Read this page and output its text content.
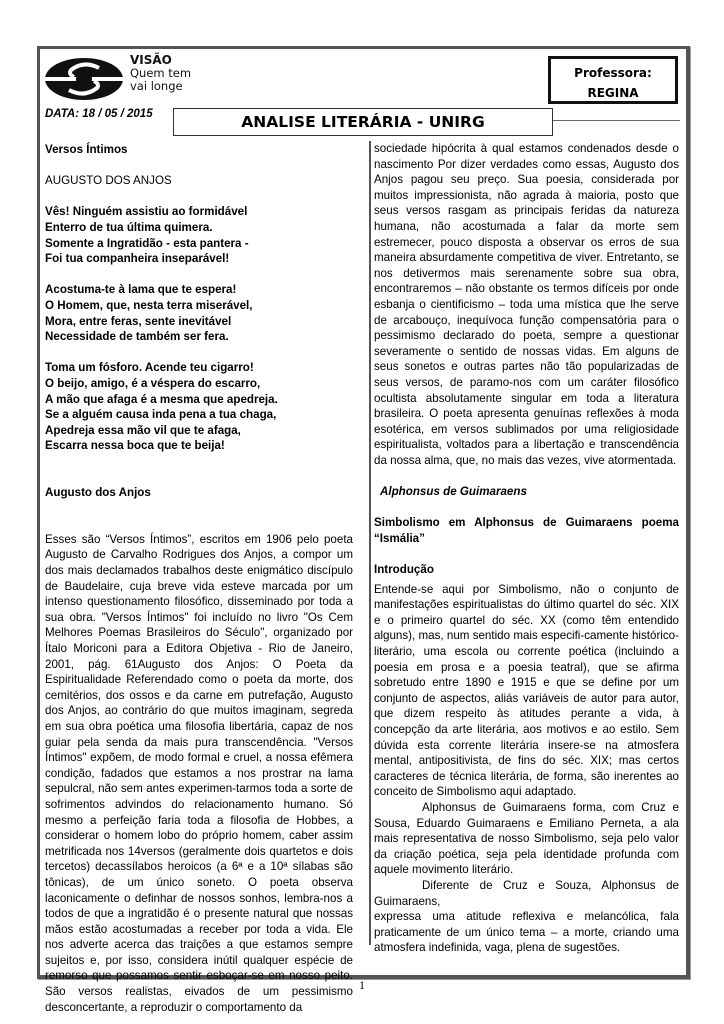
VISÃO
Quem tem
vai longe
Professora:
REGINA
DATA: 18 / 05 / 2015	ANALISE LITERÁRIA - UNIRG

Versos Íntimos

AUGUSTO DOS ANJOS

Vês! Ninguém assistiu ao formidável

Enterro de tua última quimera.

Somente a Ingratidão - esta pantera -

Foi tua companheira inseparável!

Acostuma-te à lama que te espera!

O Homem, que, nesta terra miserável,

Mora, entre feras, sente inevitável

Necessidade de também ser fera.

Toma um fósforo. Acende teu cigarro!

O beijo, amigo, é a véspera do escarro,

A mão que afaga é a mesma que apedreja.

Se a alguém causa inda pena a tua chaga,

Apedreja essa mão vil que te afaga,

Escarra nessa boca que te beija!

Augusto dos Anjos

Esses são “Versos Íntimos”, escritos em 1906 pelo poeta Augusto de Carvalho Rodrigues dos Anjos, a compor um dos mais declamados trabalhos deste enigmático discípulo de Baudelaire, cuja breve vida esteve marcada por um intenso questionamento filosófico, disseminado por toda a sua obra. "Versos Íntimos" foi incluído no livro "Os Cem Melhores Poemas Brasileiros do Século", organizado por Ítalo Moriconi para a Editora Objetiva - Rio de Janeiro, 2001, pág. 61Augusto dos Anjos: O Poeta da Espiritualidade Referendado como o poeta da morte, dos cemitérios, dos ossos e da carne em putrefação, Augusto dos Anjos, ao contrário do que muitos imaginam, segreda em sua obra poética uma filosofia libertária, capaz de nos guiar pela senda da mais pura transcendência. "Versos Íntimos" expõem, de modo formal e cruel, a nossa efêmera condição, fadados que estamos a nos prostrar na lama sepulcral, não sem antes experimen-tarmos toda a sorte de sofrimentos advindos do relacionamento humano. Só mesmo a perfeição faria toda a filosofia de Hobbes, a considerar o homem lobo do próprio homem, caber assim metrificada nos 14versos (geralmente dois quartetos e dois tercetos) decassílabos heroicos (a 6ª e a 10ª sílabas são tônicas), de um único soneto. O poeta observa laconicamente o definhar de nossos sonhos, lembra-nos a todos de que a ingratidão é o presente natural que nossas mãos estão acostumadas a receber por toda a vida. Ele nos adverte acerca das traições a que estamos sempre sujeitos e, por isso, considera inútil qualquer espécie de remorso que possamos sentir esboçar-se em nosso peito. São versos realistas, eivados de um pessimismo desconcertante, a reproduzir o comportamento da

sociedade hipócrita à qual estamos condenados desde o nascimento Por dizer verdades como essas, Augusto dos Anjos pagou seu preço. Sua poesia, considerada por muitos impressionista, não agrada à maioria, posto que seus versos rasgam as principais feridas da natureza humana, não acostumada a falar da morte sem estremecer, pouco disposta a observar os erros de sua maneira absurdamente competitiva de viver. Entretanto, se nos detivermos mais serenamente sobre sua obra, encontraremos – não obstante os termos difíceis por onde esbanja o cientificismo – toda uma mística que lhe serve de arcabouço, inequívoca função compensatória para o pessimismo declarado do poeta, sempre a questionar severamente o sentido de nossas vidas. Em alguns de seus sonetos e outras partes não tão popularizadas de seus versos, de paramo-nos com um caráter filosófico ocultista absolutamente singular em toda a literatura brasileira. O poeta apresenta genuínas reflexões à moda esotérica, em versos sublimados por uma religiosidade espiritualista, voltados para a libertação e transcendência da nossa alma, que, no mais das vezes, vive atormentada.

Alphonsus de Guimaraens

Simbolismo em Alphonsus de Guimaraens poema “Ismália”

Introdução

Entende-se aqui por Simbolismo, não o conjunto de manifestações espiritualistas do último quartel do séc. XIX e o primeiro quartel do séc. XX (como têm entendido alguns), mas, num sentido mais especifi-camente histórico-literário, uma escola ou corrente poética (incluindo a poesia em prosa e a poesia teatral), que se afirma sobretudo entre 1890 e 1915 e que se define por um conjunto de aspectos, aliás variáveis de autor para autor, que dizem respeito às atitudes perante a vida, à concepção da arte literária, aos motivos e ao estilo. Sem dúvida esta corrente literária insere-se na atmosfera mental, antipositivista, de fins do séc. XIX; mas certos caracteres de técnica literária, de forma, são inerentes ao conceito de Simbolismo aqui adaptado.

Alphonsus de Guimaraens forma, com Cruz e Sousa, Eduardo Guimaraens e Emiliano Perneta, a ala mais representativa de nosso Simbolismo, seja pelo valor da criação poética, seja pela identidade profunda com aquele movimento literário.

Diferente de Cruz e Souza, Alphonsus de Guimaraens,

expressa uma atitude reflexiva e melancólica, fala praticamente de um único tema – a morte, criando uma atmosfera indefinida, vaga, plena de sugestões.

1
